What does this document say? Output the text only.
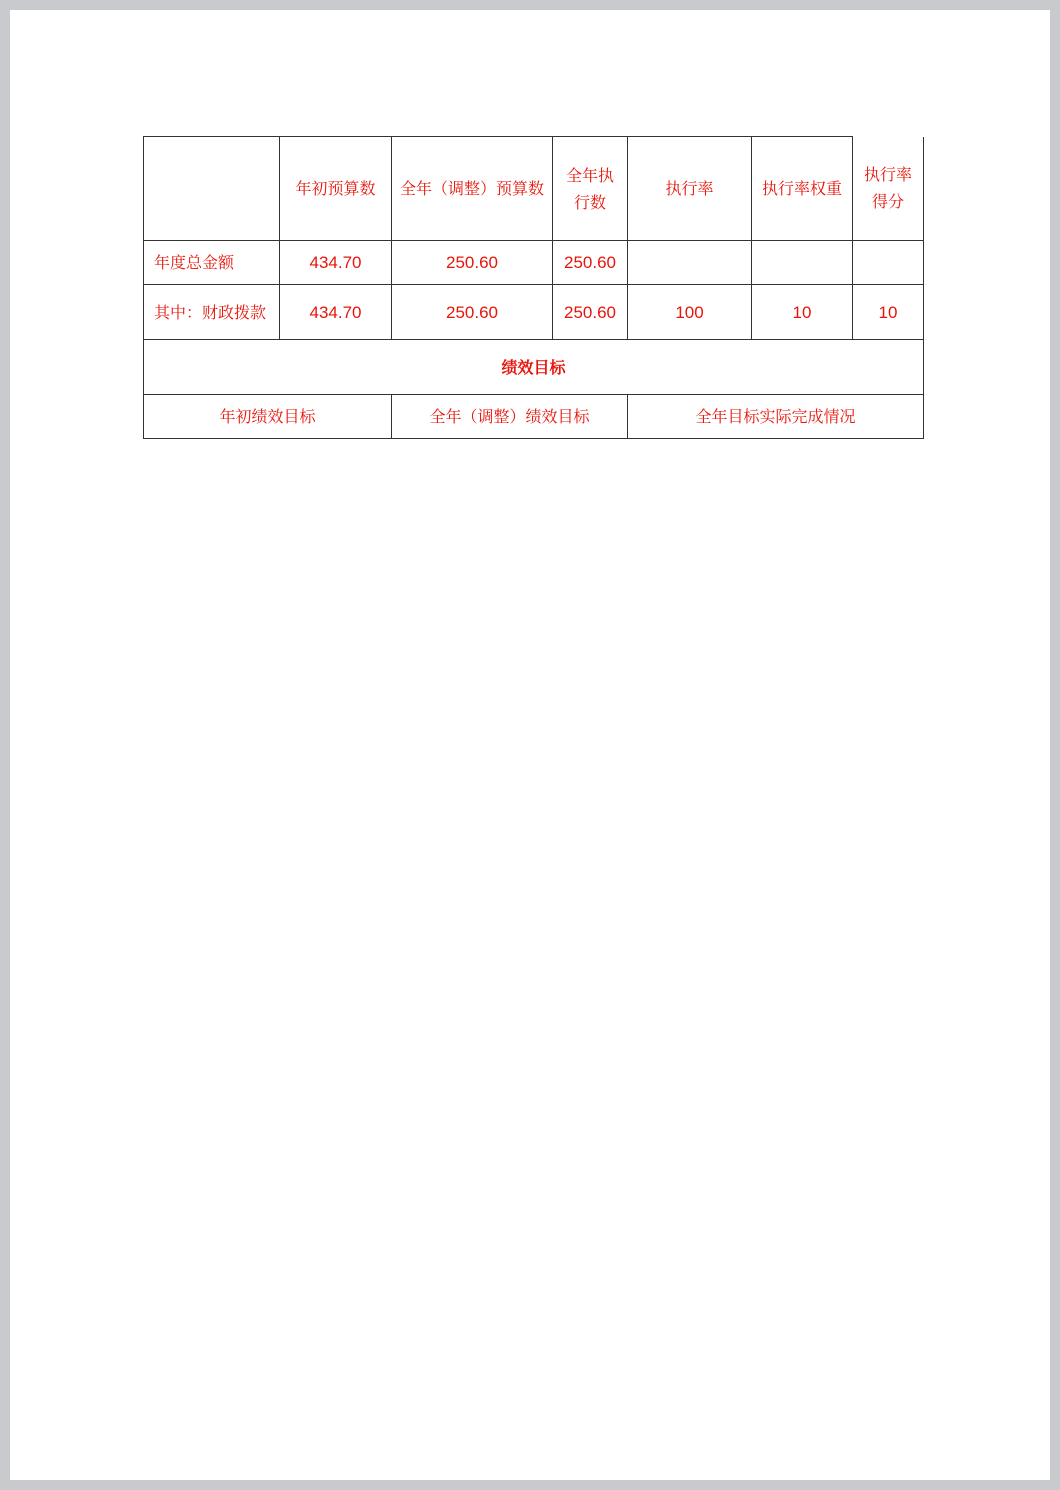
	年初预算数	全年（调整）预算数	全年执行数	执行率	执行率权重	执行率得分
年度总金额	434.70	250.60	250.60			
其中：财政拨款	434.70	250.60	250.60	100	10	10
绩效目标						
年初绩效目标		全年（调整）绩效目标		全年目标实际完成情况		
